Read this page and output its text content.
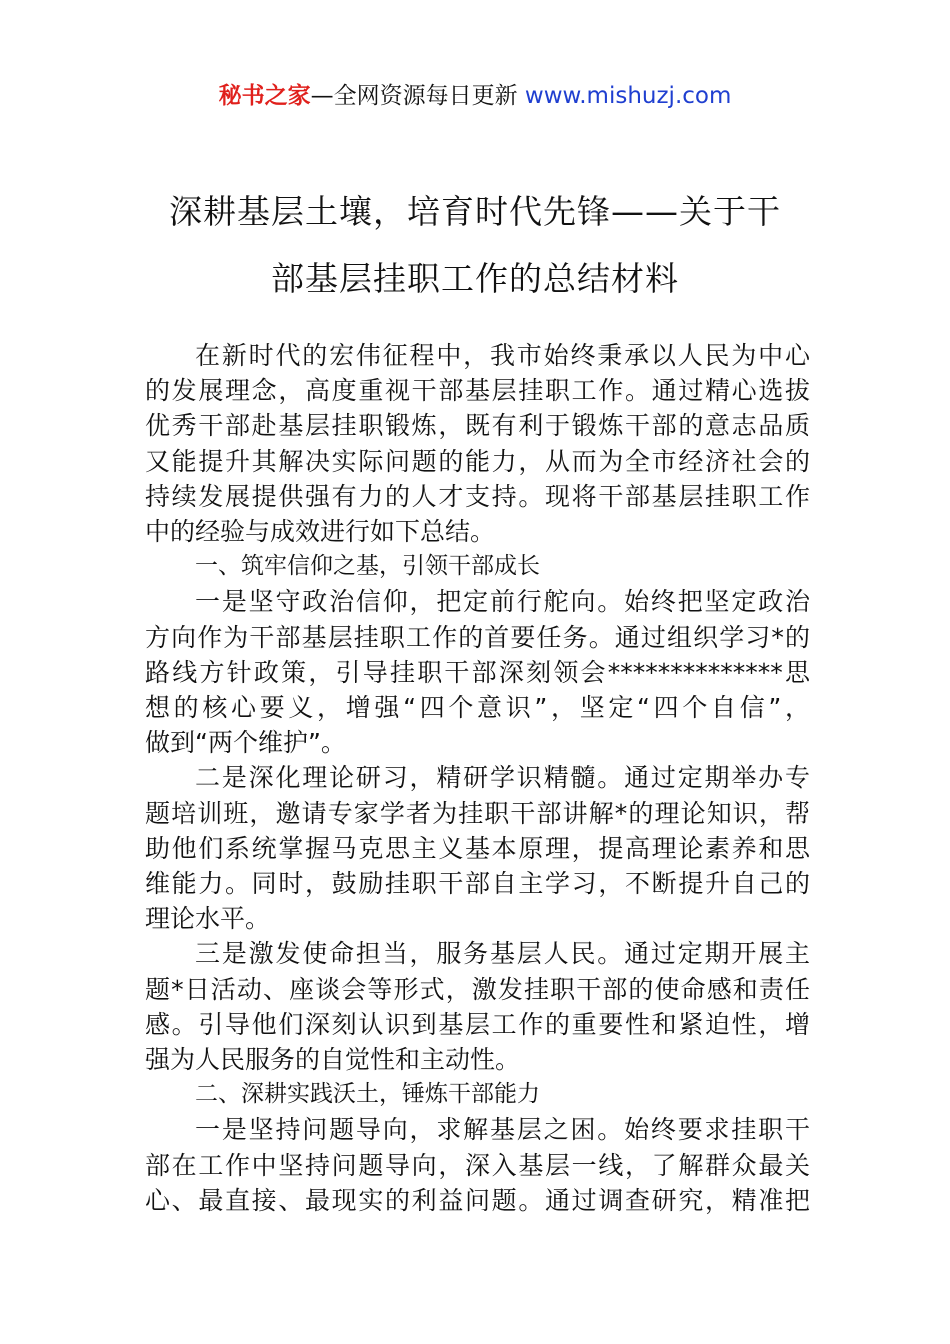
秘书之家—全网资源每日更新 www.mishuzj.com
深耕基层土壤，培育时代先锋——关于干
部基层挂职工作的总结材料
在新时代的宏伟征程中，我市始终秉承以人民为中心
的发展理念，高度重视干部基层挂职工作。通过精心选拔
优秀干部赴基层挂职锻炼，既有利于锻炼干部的意志品质
又能提升其解决实际问题的能力，从而为全市经济社会的
持续发展提供强有力的人才支持。现将干部基层挂职工作
中的经验与成效进行如下总结。
一、筑牢信仰之基，引领干部成长
一是坚守政治信仰，把定前行舵向。始终把坚定政治
方向作为干部基层挂职工作的首要任务。通过组织学习*的
路线方针政策，引导挂职干部深刻领会**************思
想的核心要义，增强“四个意识”，坚定“四个自信”，
做到“两个维护”。
二是深化理论研习，精研学识精髓。通过定期举办专
题培训班，邀请专家学者为挂职干部讲解*的理论知识，帮
助他们系统掌握马克思主义基本原理，提高理论素养和思
维能力。同时，鼓励挂职干部自主学习，不断提升自己的
理论水平。
三是激发使命担当，服务基层人民。通过定期开展主
题*日活动、座谈会等形式，激发挂职干部的使命感和责任
感。引导他们深刻认识到基层工作的重要性和紧迫性，增
强为人民服务的自觉性和主动性。
二、深耕实践沃土，锤炼干部能力
一是坚持问题导向，求解基层之困。始终要求挂职干
部在工作中坚持问题导向，深入基层一线，了解群众最关
心、最直接、最现实的利益问题。通过调查研究，精准把
